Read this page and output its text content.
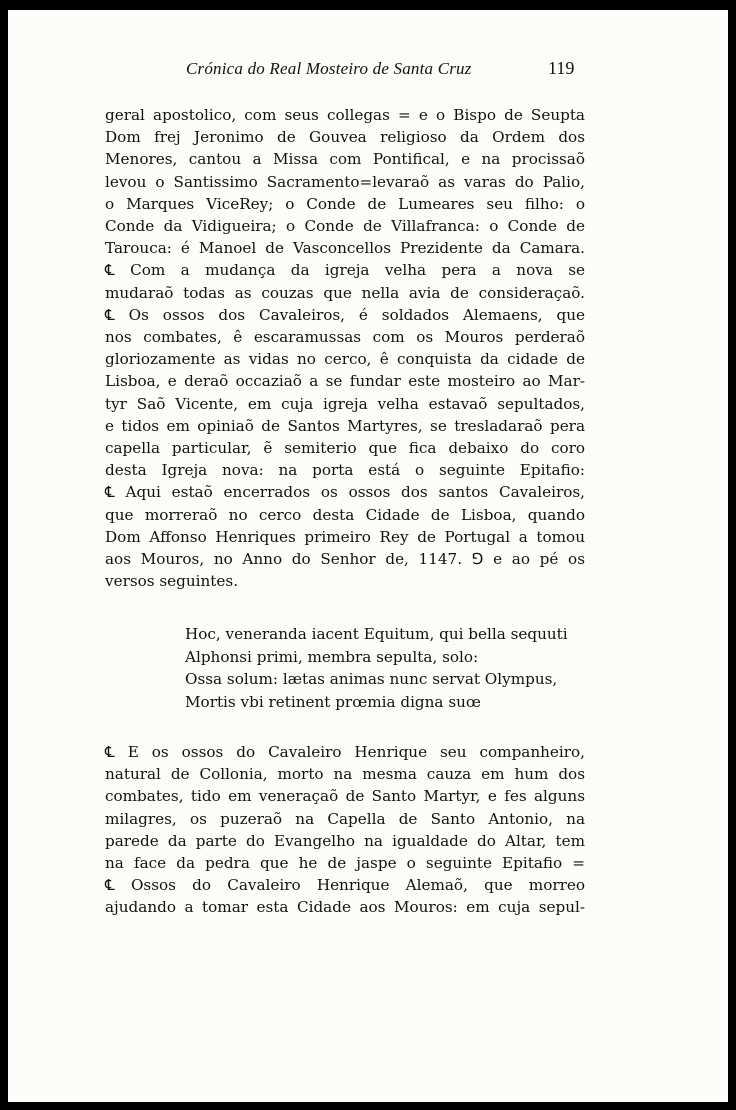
Crónica do Real Mosteiro de Santa Cruz	119
geral apostolico, com seus collegas = e o Bispo de Seupta
Dom frej Jeronimo de Gouvea religioso da Ordem dos
Menores, cantou a Missa com Pontifical, e na procissaõ
levou o Santissimo Sacramento=levaraõ as varas do Palio,
o Marques ViceRey; o Conde de Lumeares seu filho: o
Conde da Vidigueira; o Conde de Villafranca: o Conde de
Tarouca: é Manoel de Vasconcellos Prezidente da Camara.
℄ Com a mudança da igreja velha pera a nova se
mudaraõ todas as couzas que nella avia de consideraçaõ.
℄ Os ossos dos Cavaleiros, é soldados Alemaens, que
nos combates, ê escaramussas com os Mouros perderaõ
gloriozamente as vidas no cerco, ê conquista da cidade de
Lisboa, e deraõ occaziaõ a se fundar este mosteiro ao Mar-
tyr Saõ Vicente, em cuja igreja velha estavaõ sepultados,
e tidos em opiniaõ de Santos Martyres, se tresladaraõ pera
capella particular, ẽ semiterio que fica debaixo do coro
desta Igreja nova: na porta está o seguinte Epitafio:
℄ Aqui estaõ encerrados os ossos dos santos Cavaleiros,
que morreraõ no cerco desta Cidade de Lisboa, quando
Dom Affonso Henriques primeiro Rey de Portugal a tomou
aos Mouros, no Anno do Senhor de, 1147. ⅁ e ao pé os
versos seguintes.
Hoc, veneranda iacent Equitum, qui bella sequuti
Alphonsi primi, membra sepulta, solo:
Ossa solum: lætas animas nunc servat Olympus,
Mortis vbi retinent prœmia digna suœ
℄ E os ossos do Cavaleiro Henrique seu companheiro,
natural de Collonia, morto na mesma cauza em hum dos
combates, tido em veneraçaõ de Santo Martyr, e fes alguns
milagres, os puzeraõ na Capella de Santo Antonio, na
parede da parte do Evangelho na igualdade do Altar, tem
na face da pedra que he de jaspe o seguinte Epitafio =
℄ Ossos do Cavaleiro Henrique Alemaõ, que morreo
ajudando a tomar esta Cidade aos Mouros: em cuja sepul-
